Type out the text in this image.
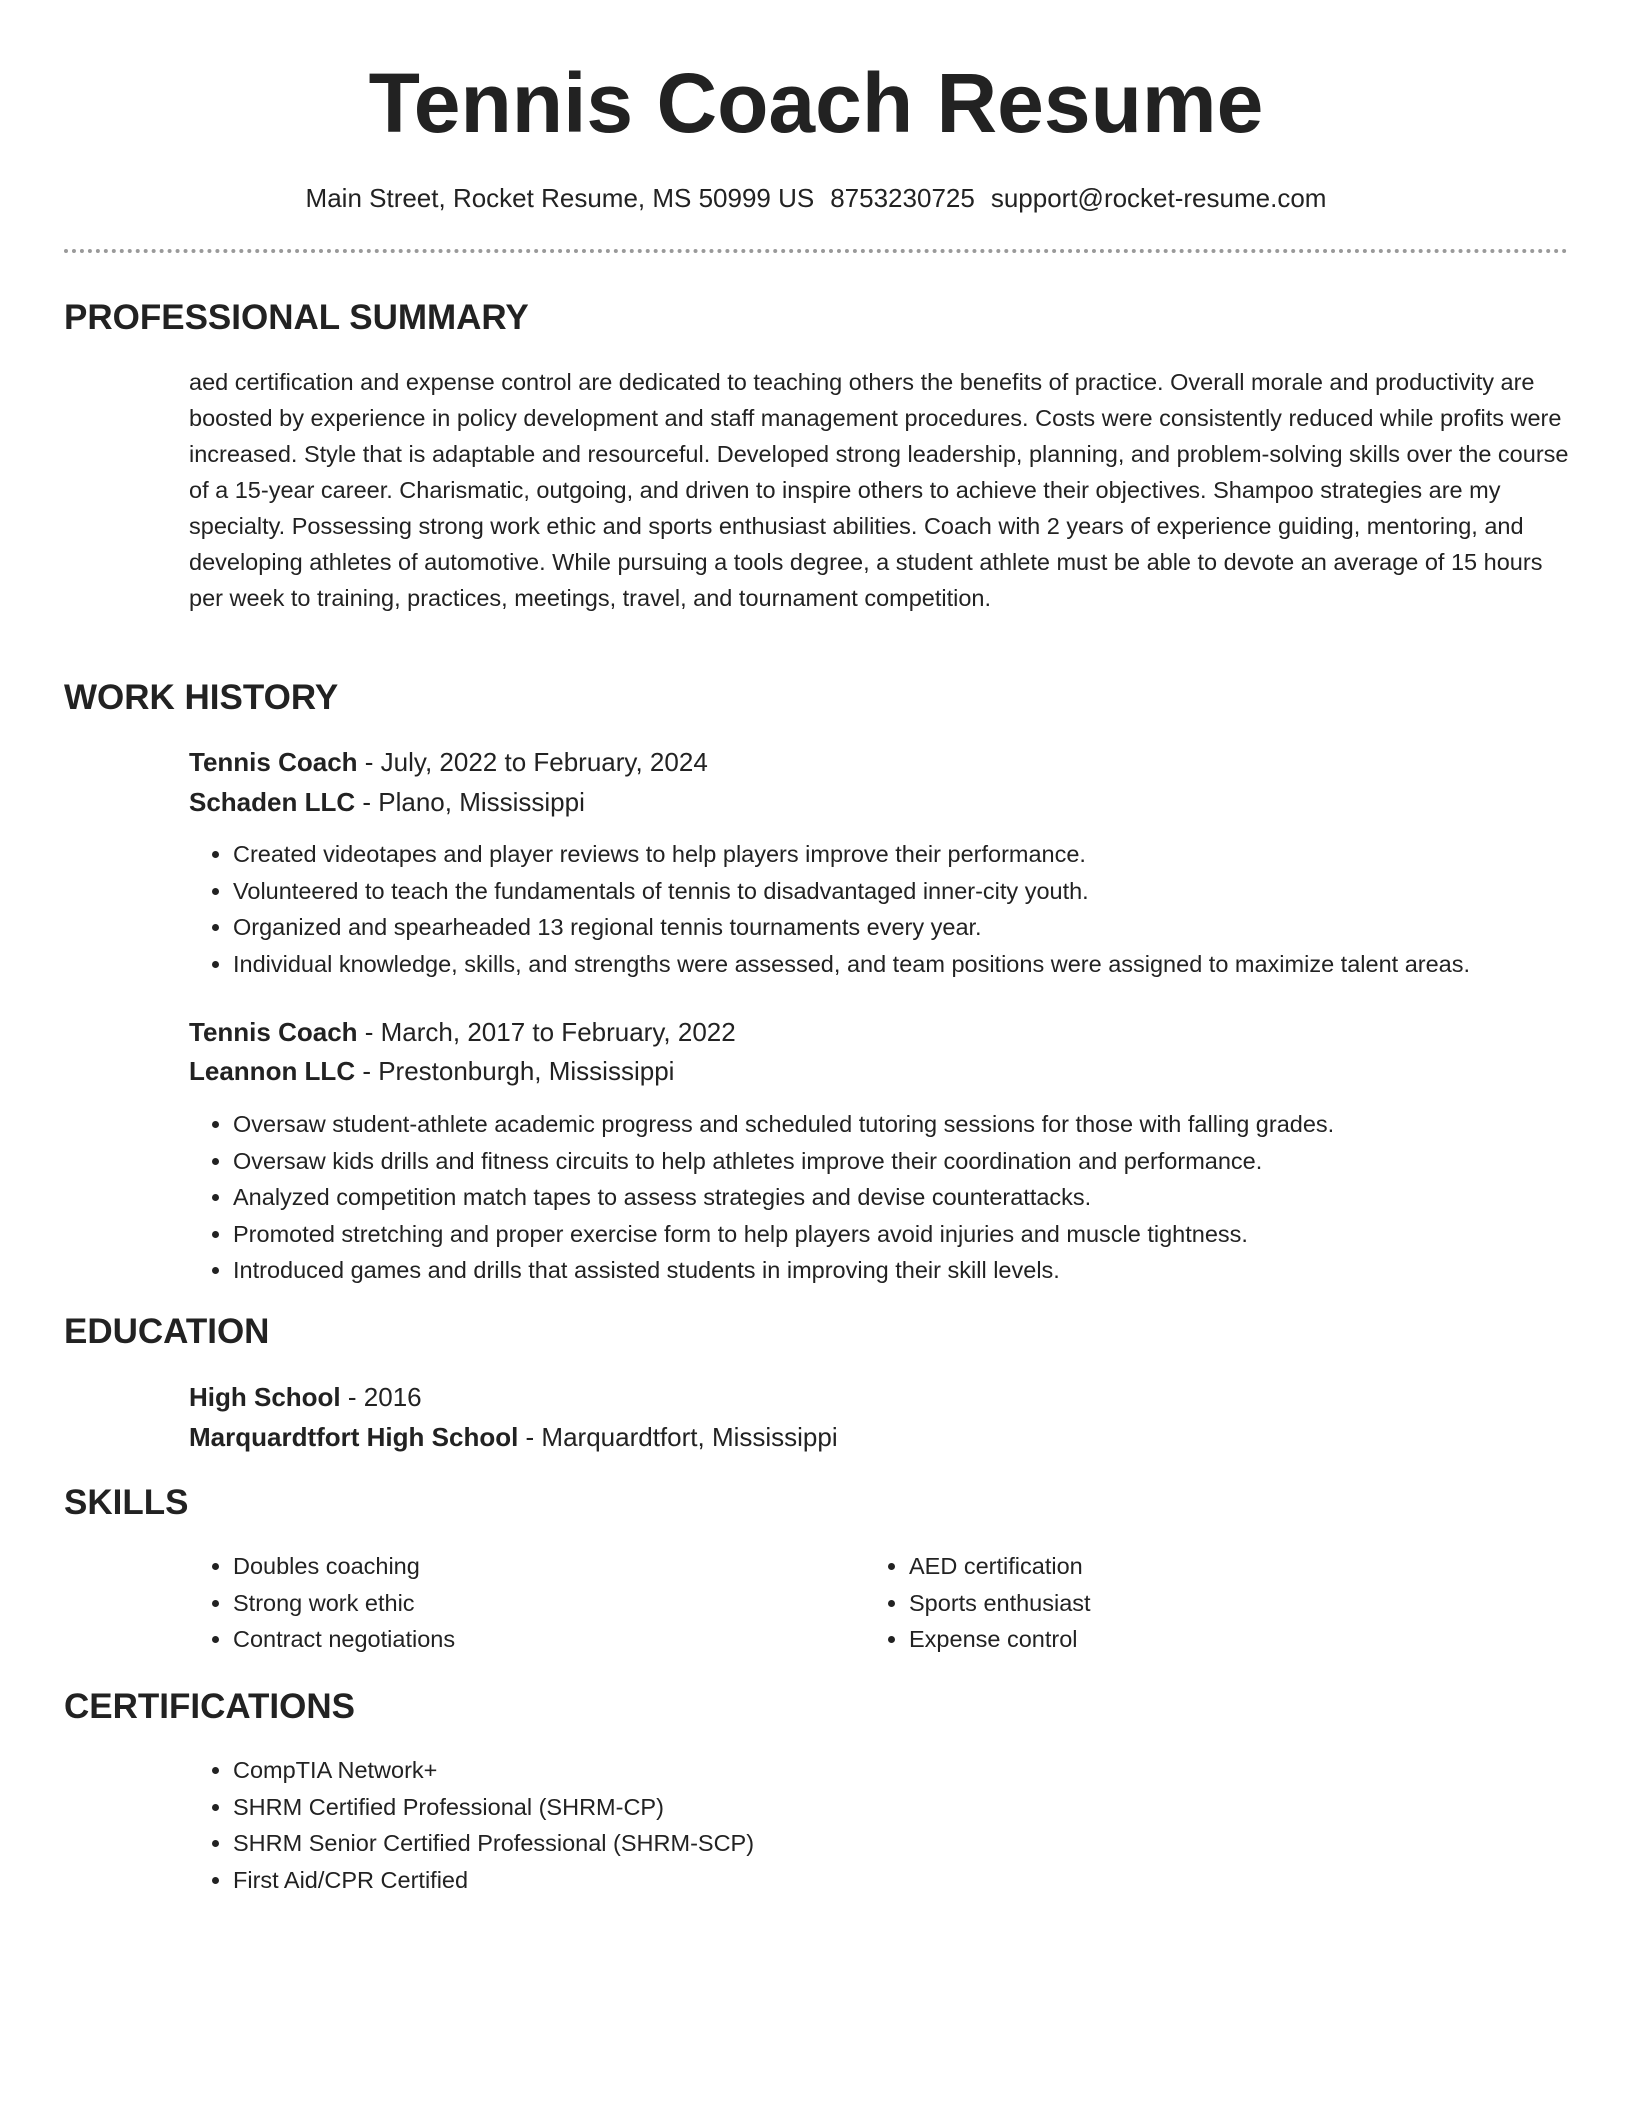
Tennis Coach Resume
Main Street, Rocket Resume, MS 50999 US 8753230725 support@rocket-resume.com
PROFESSIONAL SUMMARY

aed certification and expense control are dedicated to teaching others the benefits of practice. Overall morale and productivity are boosted by experience in policy development and staff management procedures. Costs were consistently reduced while profits were increased. Style that is adaptable and resourceful. Developed strong leadership, planning, and problem-solving skills over the course of a 15-year career. Charismatic, outgoing, and driven to inspire others to achieve their objectives. Shampoo strategies are my specialty. Possessing strong work ethic and sports enthusiast abilities. Coach with 2 years of experience guiding, mentoring, and developing athletes of automotive. While pursuing a tools degree, a student athlete must be able to devote an average of 15 hours per week to training, practices, meetings, travel, and tournament competition.

WORK HISTORY
Tennis Coach - July, 2022 to February, 2024
Schaden LLC - Plano, Mississippi
• Created videotapes and player reviews to help players improve their performance.
• Volunteered to teach the fundamentals of tennis to disadvantaged inner-city youth.
• Organized and spearheaded 13 regional tennis tournaments every year.
• Individual knowledge, skills, and strengths were assessed, and team positions were assigned to maximize talent areas.
Tennis Coach - March, 2017 to February, 2022
Leannon LLC - Prestonburgh, Mississippi
• Oversaw student-athlete academic progress and scheduled tutoring sessions for those with falling grades.
• Oversaw kids drills and fitness circuits to help athletes improve their coordination and performance.
• Analyzed competition match tapes to assess strategies and devise counterattacks.
• Promoted stretching and proper exercise form to help players avoid injuries and muscle tightness.
• Introduced games and drills that assisted students in improving their skill levels.
EDUCATION
High School - 2016
Marquardtfort High School - Marquardtfort, Mississippi
SKILLS
• Doubles coaching
• Strong work ethic
• Contract negotiations
• AED certification
• Sports enthusiast
• Expense control
CERTIFICATIONS
• CompTIA Network+
• SHRM Certified Professional (SHRM-CP)
• SHRM Senior Certified Professional (SHRM-SCP)
• First Aid/CPR Certified
